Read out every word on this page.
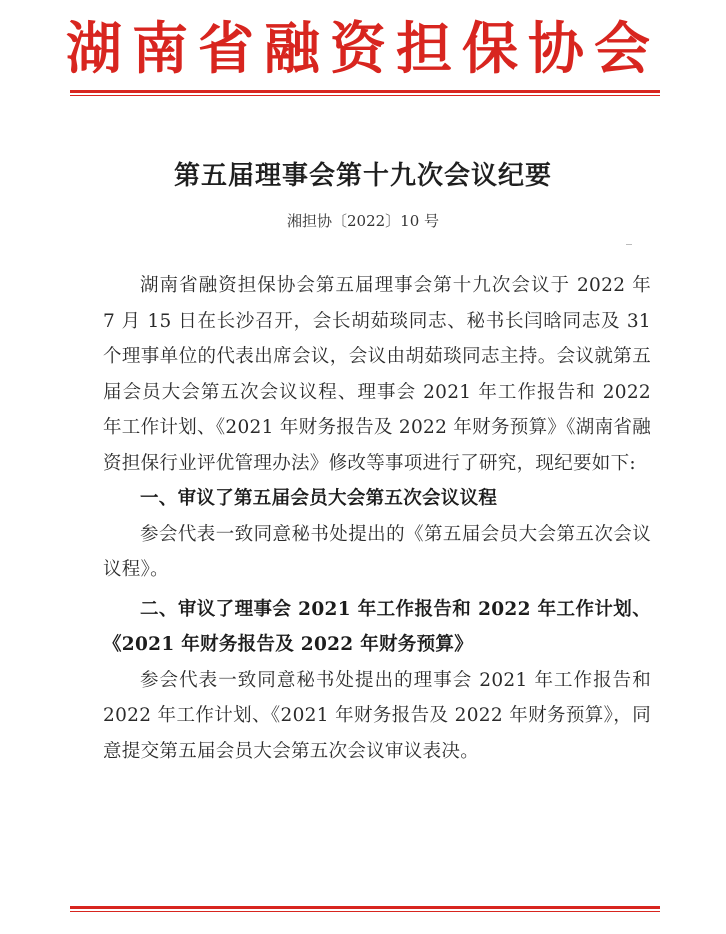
湖南省融资担保协会
第五届理事会第十九次会议纪要
湘担协〔2022〕10 号

湖南省融资担保协会第五届理事会第十九次会议于 2022 年 7 月 15 日在长沙召开，会长胡茹琰同志、秘书长闫晗同志及 31 个理事单位的代表出席会议，会议由胡茹琰同志主持。会议就第五届会员大会第五次会议议程、理事会 2021 年工作报告和 2022 年工作计划、《2021 年财务报告及 2022 年财务预算》《湖南省融资担保行业评优管理办法》修改等事项进行了研究，现纪要如下:

一、审议了第五届会员大会第五次会议议程

参会代表一致同意秘书处提出的《第五届会员大会第五次会议议程》。

二、审议了理事会 2021 年工作报告和 2022 年工作计划、《2021 年财务报告及 2022 年财务预算》

参会代表一致同意秘书处提出的理事会 2021 年工作报告和 2022 年工作计划、《2021 年财务报告及 2022 年财务预算》，同意提交第五届会员大会第五次会议审议表决。
